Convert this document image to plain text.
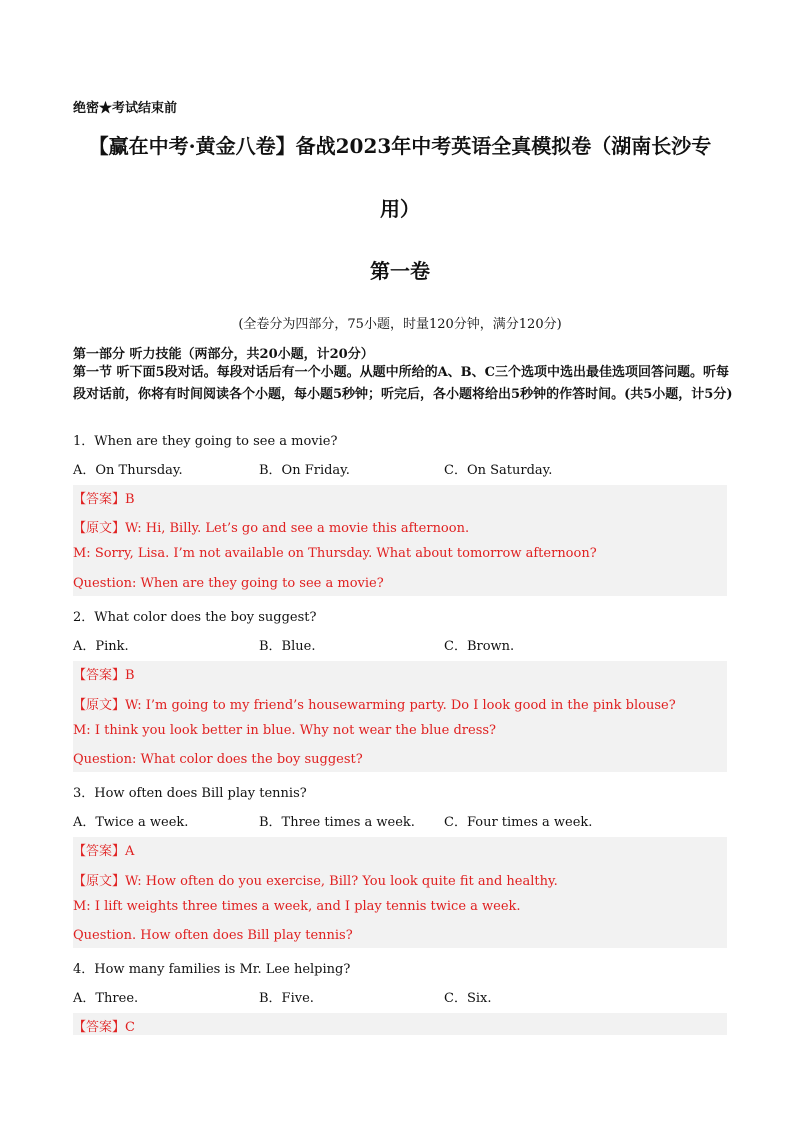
绝密★考试结束前
【赢在中考·黄金八卷】备战2023年中考英语全真模拟卷（湖南长沙专
用）
第一卷
(全卷分为四部分，75小题，时量120分钟，满分120分)
第一部分 听力技能（两部分，共20小题，计20分）
第一节 听下面5段对话。每段对话后有一个小题。从题中所给的A、B、C三个选项中选出最佳选项回答问题。听每段对话前，你将有时间阅读各个小题，每小题5秒钟；听完后，各小题将给出5秒钟的作答时间。(共5小题，计5分)
1．When are they going to see a movie?
A．On Thursday.	B．On Friday.	C．On Saturday.
【答案】B
【原文】W: Hi, Billy. Let’s go and see a movie this afternoon.
M: Sorry, Lisa. I’m not available on Thursday. What about tomorrow afternoon?
Question: When are they going to see a movie?
2．What color does the boy suggest?
A．Pink.	B．Blue.	C．Brown.
【答案】B
【原文】W: I’m going to my friend’s housewarming party. Do I look good in the pink blouse?
M: I think you look better in blue. Why not wear the blue dress?
Question: What color does the boy suggest?
3．How often does Bill play tennis?
A．Twice a week.	B．Three times a week. C．Four times a week.
【答案】A
【原文】W: How often do you exercise, Bill? You look quite fit and healthy.
M: I lift weights three times a week, and I play tennis twice a week.
Question. How often does Bill play tennis?
4．How many families is Mr. Lee helping?
A．Three.	B．Five.	C．Six.
【答案】C
